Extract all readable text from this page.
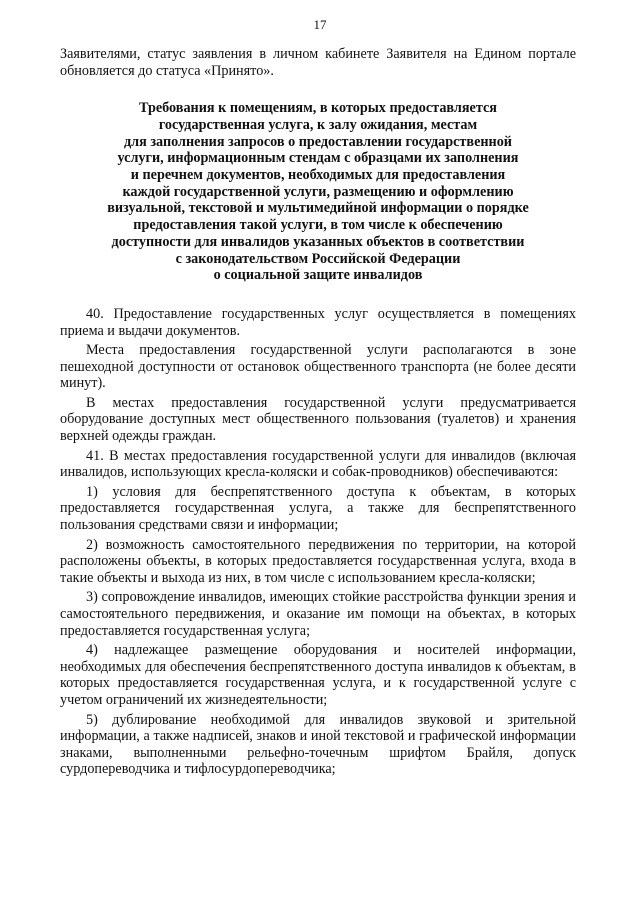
17

Заявителями, статус заявления в личном кабинете Заявителя на Едином портале обновляется до статуса «Принято».

Требования к помещениям, в которых предоставляется
государственная услуга, к залу ожидания, местам
для заполнения запросов о предоставлении государственной
услуги, информационным стендам с образцами их заполнения
и перечнем документов, необходимых для предоставления
каждой государственной услуги, размещению и оформлению
визуальной, текстовой и мультимедийной информации о порядке
предоставления такой услуги, в том числе к обеспечению
доступности для инвалидов указанных объектов в соответствии
с законодательством Российской Федерации
о социальной защите инвалидов

40. Предоставление государственных услуг осуществляется в помещениях приема и выдачи документов.

Места предоставления государственной услуги располагаются в зоне пешеходной доступности от остановок общественного транспорта (не более десяти минут).

В местах предоставления государственной услуги предусматривается оборудование доступных мест общественного пользования (туалетов) и хранения верхней одежды граждан.

41. В местах предоставления государственной услуги для инвалидов (включая инвалидов, использующих кресла-коляски и собак-проводников) обеспечиваются:

1) условия для беспрепятственного доступа к объектам, в которых предоставляется государственная услуга, а также для беспрепятственного пользования средствами связи и информации;

2) возможность самостоятельного передвижения по территории, на которой расположены объекты, в которых предоставляется государственная услуга, входа в такие объекты и выхода из них, в том числе с использованием кресла-коляски;

3) сопровождение инвалидов, имеющих стойкие расстройства функции зрения и самостоятельного передвижения, и оказание им помощи на объектах, в которых предоставляется государственная услуга;

4) надлежащее размещение оборудования и носителей информации, необходимых для обеспечения беспрепятственного доступа инвалидов к объектам, в которых предоставляется государственная услуга, и к государственной услуге с учетом ограничений их жизнедеятельности;

5) дублирование необходимой для инвалидов звуковой и зрительной информации, а также надписей, знаков и иной текстовой и графической информации знаками, выполненными рельефно-точечным шрифтом Брайля, допуск сурдопереводчика и тифлосурдопереводчика;
